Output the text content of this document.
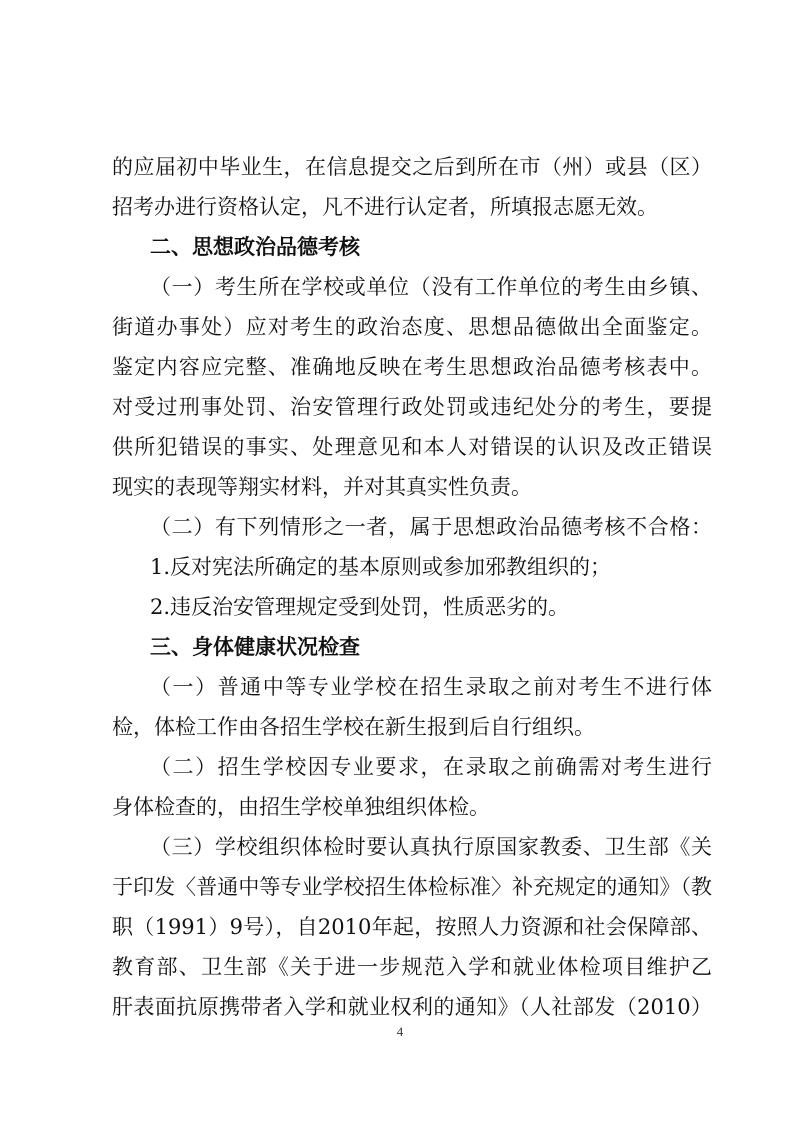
的应届初中毕业生，在信息提交之后到所在市（州）或县（区）
招考办进行资格认定，凡不进行认定者，所填报志愿无效。
二、思想政治品德考核
（一）考生所在学校或单位（没有工作单位的考生由乡镇、
街道办事处）应对考生的政治态度、思想品德做出全面鉴定。
鉴定内容应完整、准确地反映在考生思想政治品德考核表中。
对受过刑事处罚、治安管理行政处罚或违纪处分的考生，要提
供所犯错误的事实、处理意见和本人对错误的认识及改正错误
现实的表现等翔实材料，并对其真实性负责。
（二）有下列情形之一者，属于思想政治品德考核不合格：
1.反对宪法所确定的基本原则或参加邪教组织的；
2.违反治安管理规定受到处罚，性质恶劣的。
三、身体健康状况检查
（一）普通中等专业学校在招生录取之前对考生不进行体
检，体检工作由各招生学校在新生报到后自行组织。
（二）招生学校因专业要求，在录取之前确需对考生进行
身体检查的，由招生学校单独组织体检。
（三）学校组织体检时要认真执行原国家教委、卫生部《关
于印发〈普通中等专业学校招生体检标准〉补充规定的通知》（教
职（1991）9号），自2010年起，按照人力资源和社会保障部、
教育部、卫生部《关于进一步规范入学和就业体检项目维护乙
肝表面抗原携带者入学和就业权利的通知》（人社部发（2010）
4
